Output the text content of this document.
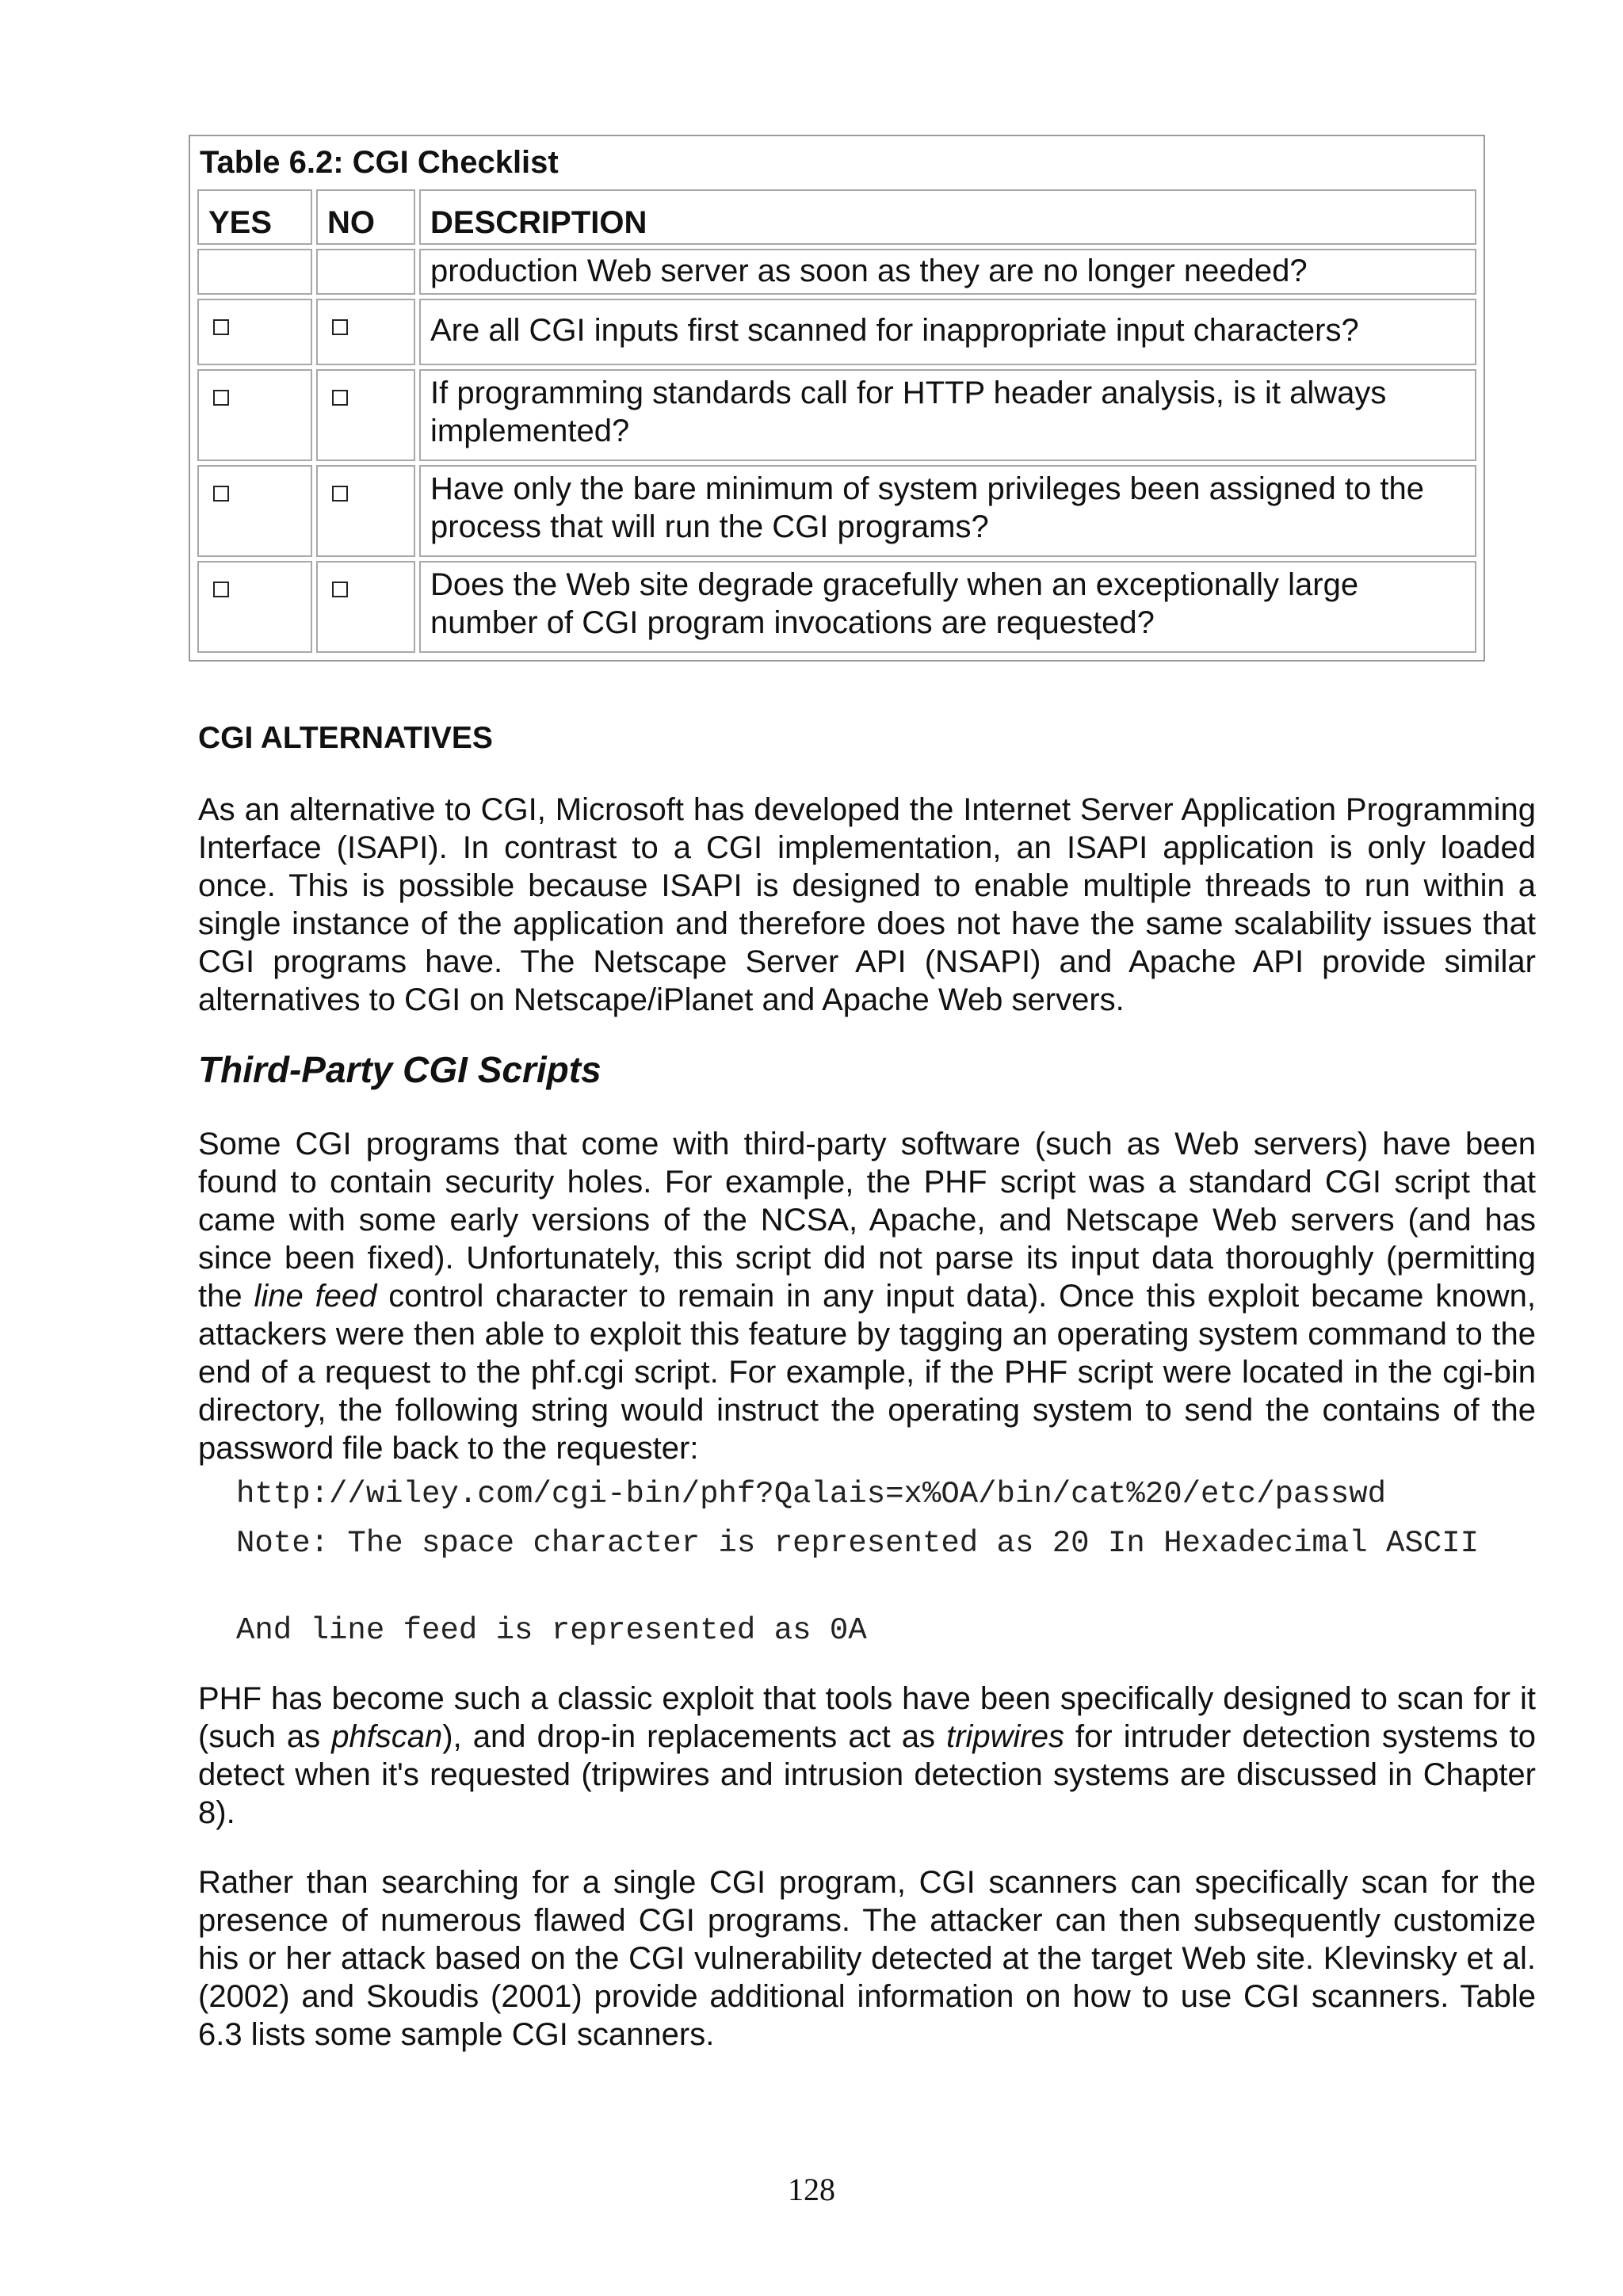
Table 6.2: CGI Checklist
YES	NO	DESCRIPTION
		production Web server as soon as they are no longer needed?
		Are all CGI inputs first scanned for inappropriate input characters?
		If programming standards call for HTTP header analysis, is it always implemented?
		Have only the bare minimum of system privileges been assigned to the process that will run the CGI programs?
		Does the Web site degrade gracefully when an exceptionally large number of CGI program invocations are requested?
CGI ALTERNATIVES
As an alternative to CGI, Microsoft has developed the Internet Server Application Programming Interface (ISAPI). In contrast to a CGI implementation, an ISAPI application is only loaded once. This is possible because ISAPI is designed to enable multiple threads to run within a single instance of the application and therefore does not have the same scalability issues that CGI programs have. The Netscape Server API (NSAPI) and Apache API provide similar alternatives to CGI on Netscape/iPlanet and Apache Web servers.
Third-Party CGI Scripts
Some CGI programs that come with third-party software (such as Web servers) have been found to contain security holes. For example, the PHF script was a standard CGI script that came with some early versions of the NCSA, Apache, and Netscape Web servers (and has since been fixed). Unfortunately, this script did not parse its input data thoroughly (permitting the line feed control character to remain in any input data). Once this exploit became known, attackers were then able to exploit this feature by tagging an operating system command to the end of a request to the phf.cgi script. For example, if the PHF script were located in the cgi-bin directory, the following string would instruct the operating system to send the contains of the password file back to the requester:
http://wiley.com/cgi-bin/phf?Qalais=x%OA/bin/cat%20/etc/passwd
Note: The space character is represented as 20 In Hexadecimal ASCII
And line feed is represented as 0A
PHF has become such a classic exploit that tools have been specifically designed to scan for it (such as phfscan), and drop-in replacements act as tripwires for intruder detection systems to detect when it's requested (tripwires and intrusion detection systems are discussed in Chapter 8).
Rather than searching for a single CGI program, CGI scanners can specifically scan for the presence of numerous flawed CGI programs. The attacker can then subsequently customize his or her attack based on the CGI vulnerability detected at the target Web site. Klevinsky et al. (2002) and Skoudis (2001) provide additional information on how to use CGI scanners. Table 6.3 lists some sample CGI scanners.
128
